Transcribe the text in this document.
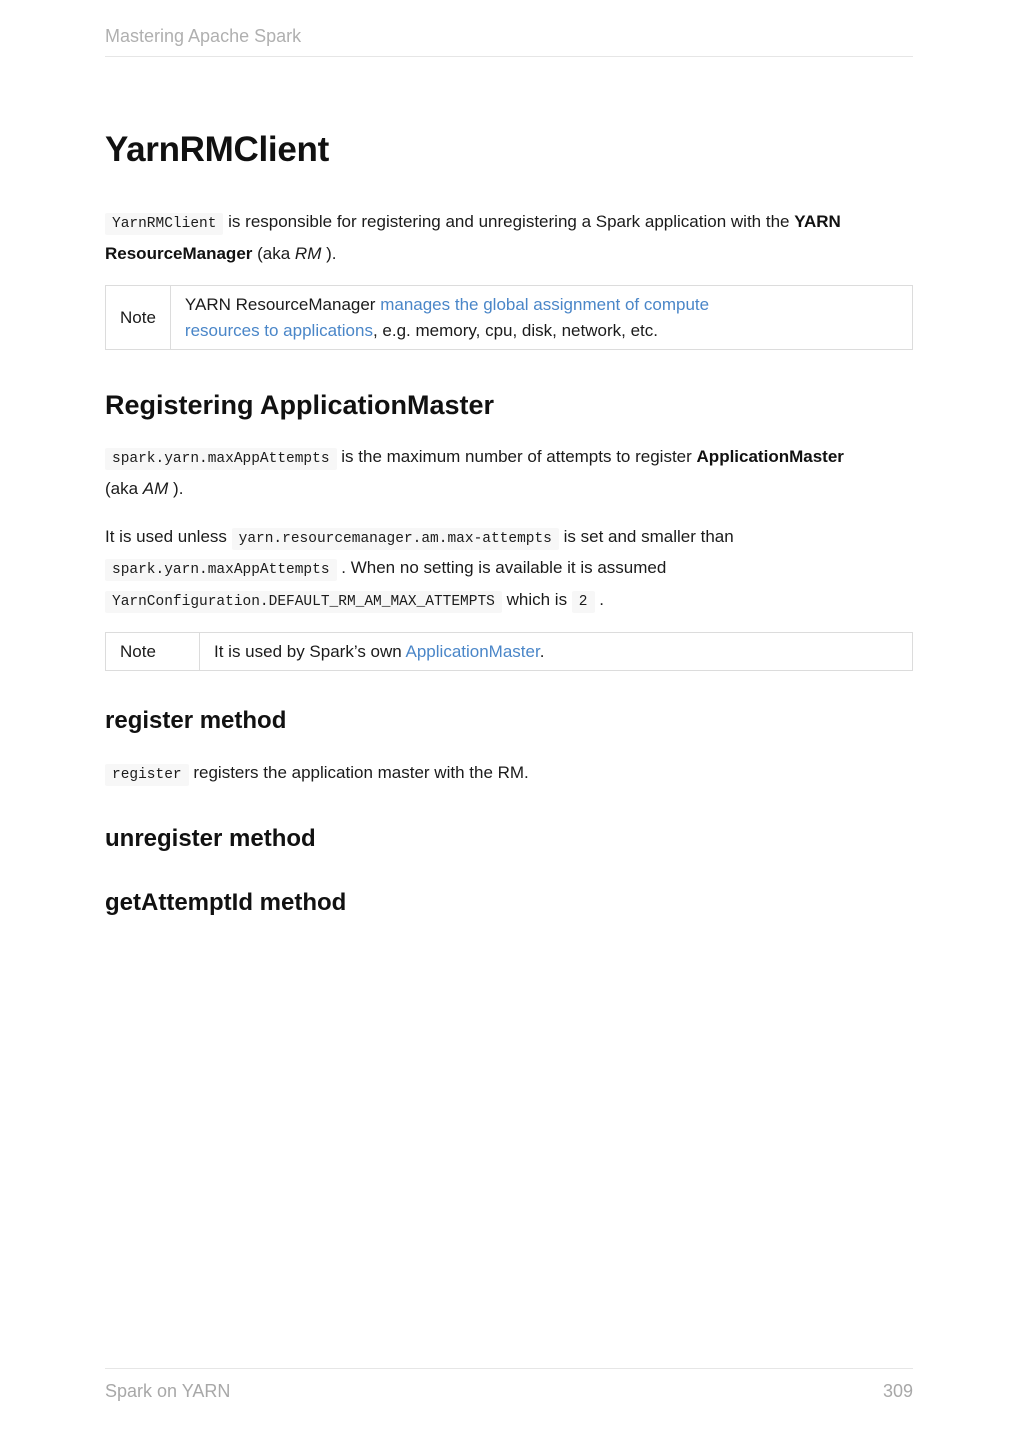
Mastering Apache Spark
YarnRMClient

YarnRMClient is responsible for registering and unregistering a Spark application with the YARN ResourceManager (aka RM ).

Note	
YARN ResourceManager manages the global assignment of compute resources to applications, e.g. memory, cpu, disk, network, etc.
Registering ApplicationMaster

spark.yarn.maxAppAttempts is the maximum number of attempts to register ApplicationMaster (aka AM ).

It is used unless yarn.resourcemanager.am.max-attempts is set and smaller than spark.yarn.maxAppAttempts . When no setting is available it is assumed YarnConfiguration.DEFAULT_RM_AM_MAX_ATTEMPTS which is 2 .

Note	It is used by Spark’s own ApplicationMaster.
register method

register registers the application master with the RM.

unregister method
getAttemptId method
Spark on YARN	309
